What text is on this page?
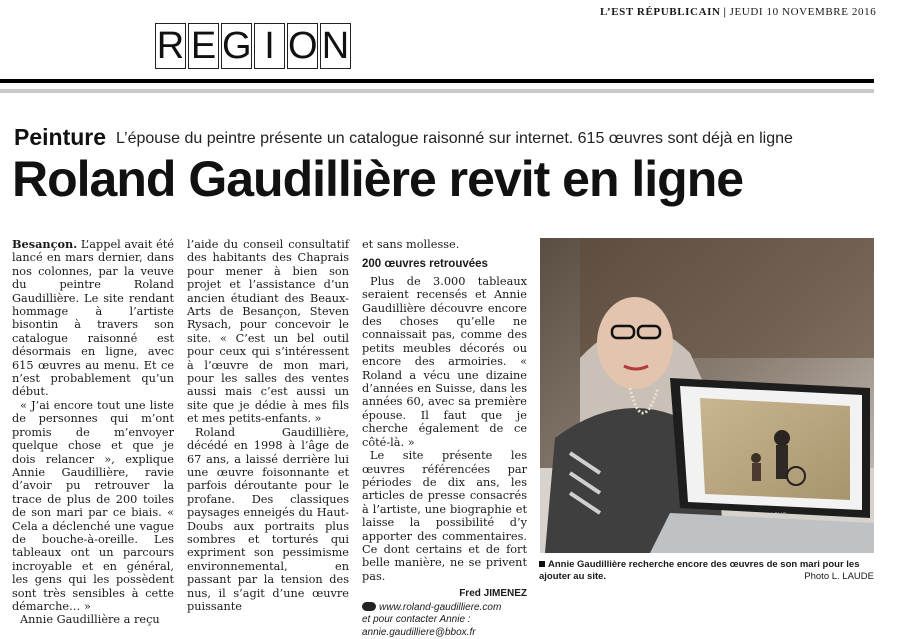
L’EST RÉPUBLICAIN | JEUDI 10 NOVEMBRE 2016
R E G I O N
Peinture L’épouse du peintre présente un catalogue raisonné sur internet. 615 œuvres sont déjà en ligne
Roland Gaudillière revit en ligne

Besançon. L’appel avait été lancé en mars dernier, dans nos colonnes, par la veuve du peintre Roland Gaudillière. Le site rendant hommage à l’artiste bisontin à travers son catalogue raisonné est désormais en ligne, avec 615 œuvres au menu. Et ce n’est probablement qu’un début.

« J’ai encore tout une liste de personnes qui m’ont promis de m’envoyer quelque chose et que je dois relancer », explique Annie Gaudillière, ravie d’avoir pu retrouver la trace de plus de 200 toiles de son mari par ce biais. « Cela a déclenché une vague de bouche-à-oreille. Les tableaux ont un parcours incroyable et en général, les gens qui les possèdent sont très sensibles à cette démarche… »

Annie Gaudillière a reçu

l’aide du conseil consultatif des habitants des Chaprais pour mener à bien son projet et l’assistance d’un ancien étudiant des Beaux-Arts de Besançon, Steven Rysach, pour concevoir le site. « C’est un bel outil pour ceux qui s’intéressent à l’œuvre de mon mari, pour les salles des ventes aussi mais c’est aussi un site que je dédie à mes fils et mes petits-enfants. »

Roland Gaudillière, décédé en 1998 à l’âge de 67 ans, a laissé derrière lui une œuvre foisonnante et parfois déroutante pour le profane. Des classiques paysages enneigés du Haut-Doubs aux portraits plus sombres et torturés qui expriment son pessimisme environnemental, en passant par la tension des nus, il s’agit d’une œuvre puissante

et sans mollesse.

200 œuvres retrouvées

Plus de 3.000 tableaux seraient recensés et Annie Gaudillière découvre encore des choses qu’elle ne connaissait pas, comme des petits meubles décorés ou encore des armoiries. « Roland a vécu une dizaine d’années en Suisse, dans les années 60, avec sa première épouse. Il faut que je cherche également de ce côté-là. »

Le site présente les œuvres référencées par périodes de dix ans, les articles de presse consacrés à l’artiste, une biographie et laisse la possibilité d’y apporter des commentaires. Ce dont certains et de fort belle manière, ne se privent pas.

Fred JIMENEZ
www.roland-gaudilliere.com
et pour contacter Annie :
annie.gaudilliere@bbox.fr
ASUS
Annie Gaudillière recherche encore des œuvres de son mari pour les ajouter au site.	Photo L. LAUDE
